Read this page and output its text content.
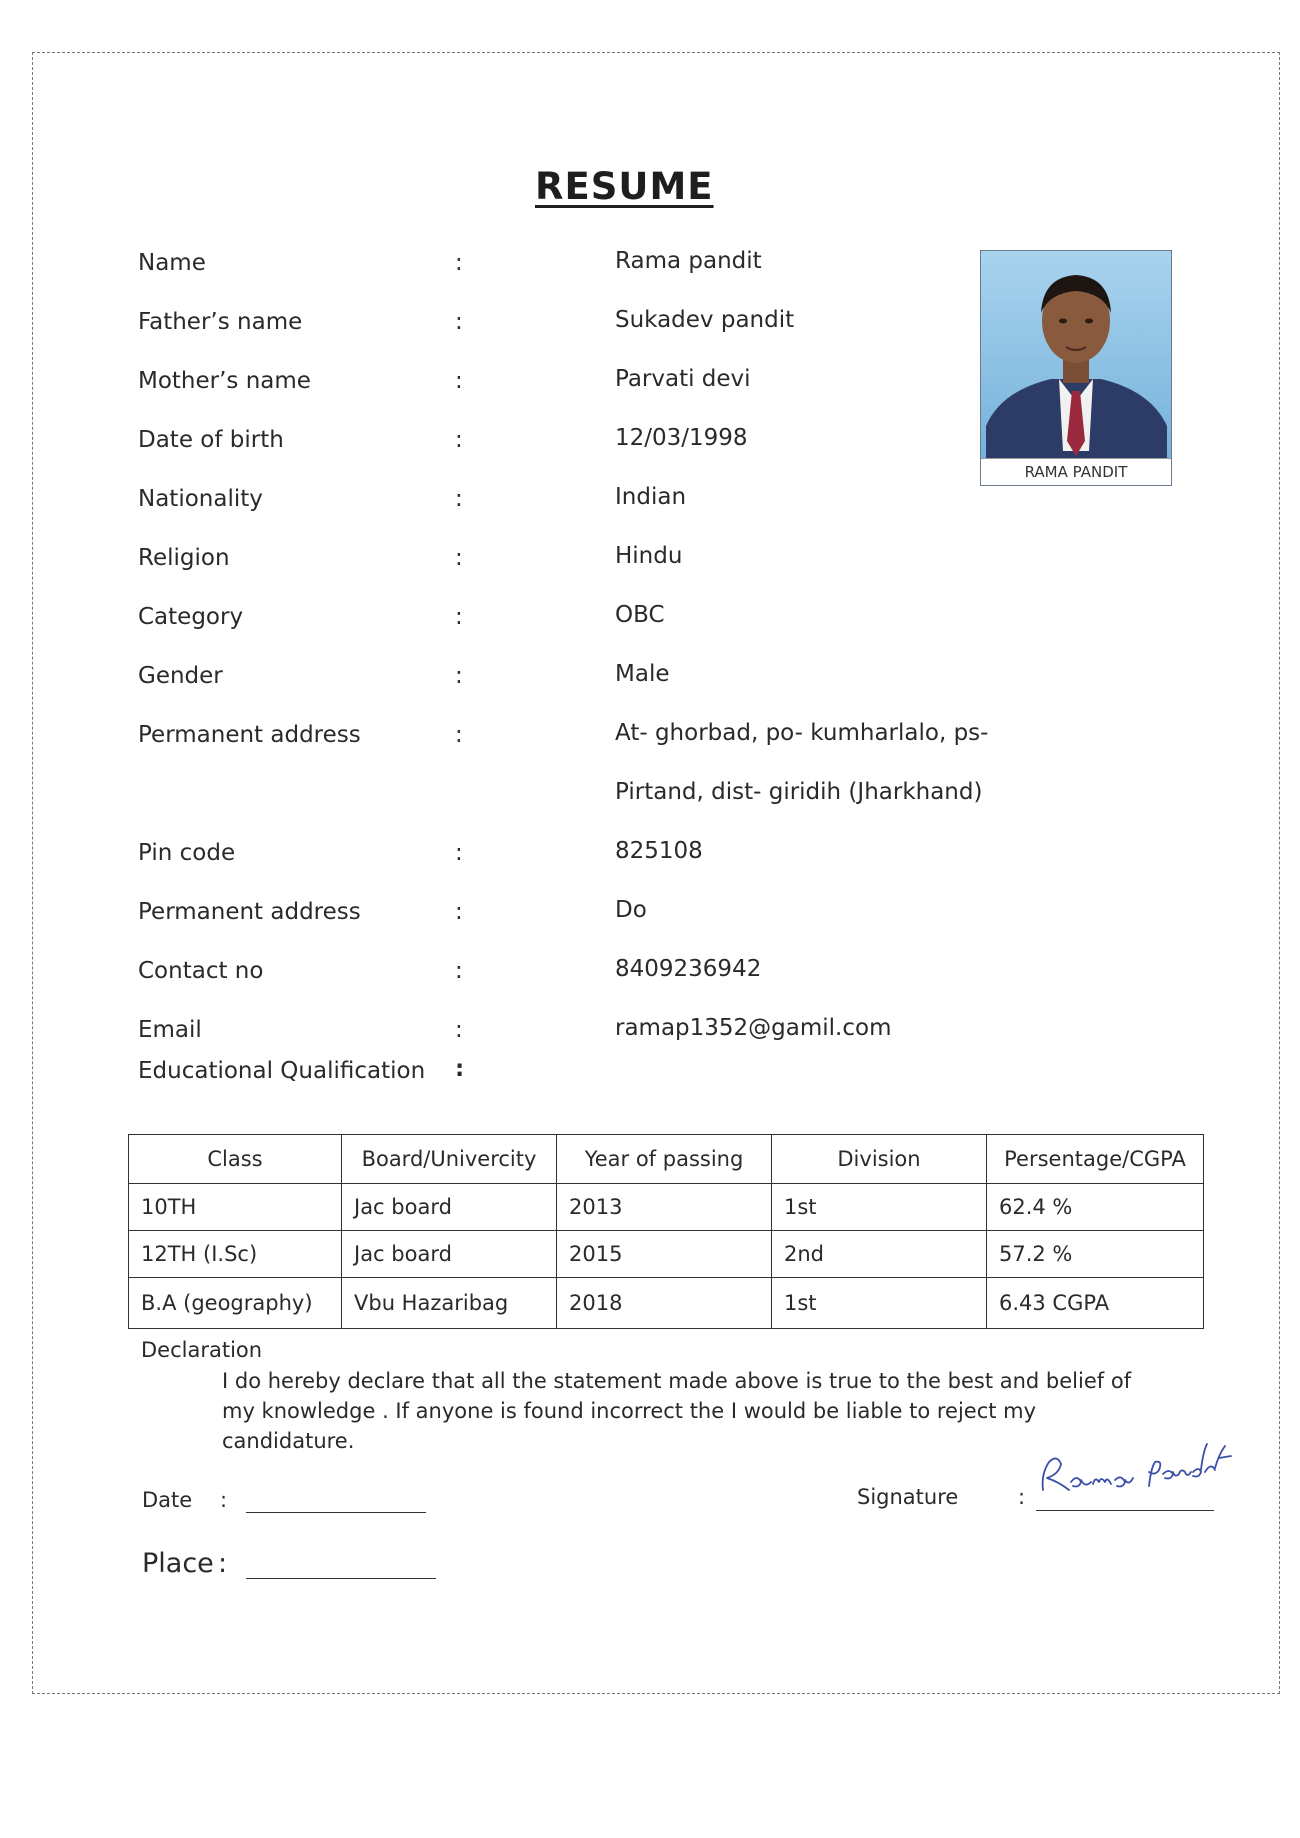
RESUME
Name	:	Rama pandit
Father’s name	:	Sukadev pandit
Mother’s name	:	Parvati devi
Date of birth	:	12/03/1998
Nationality	:	Indian
Religion	:	Hindu
Category	:	OBC
Gender	:	Male
Permanent address	:	At- ghorbad, po- kumharlalo, ps-
Pirtand, dist- giridih (Jharkhand)
Pin code	:	825108
Permanent address	:	Do
Contact no	:	8409236942
Email	:	ramap1352@gamil.com
Educational Qualification :
RAMA PANDIT
Class	Board/Univercity	Year of passing	Division	Persentage/CGPA
10TH	Jac board	2013	1st	62.4 %
12TH (I.Sc)	Jac board	2015	2nd	57.2 %
B.A (geography)	Vbu Hazaribag	2018	1st	6.43 CGPA
Declaration
I do hereby declare that all the statement made above is true to the best and belief of my knowledge . If anyone is found incorrect the I would be liable to reject my candidature.
Date :
Place :
Signature	:
